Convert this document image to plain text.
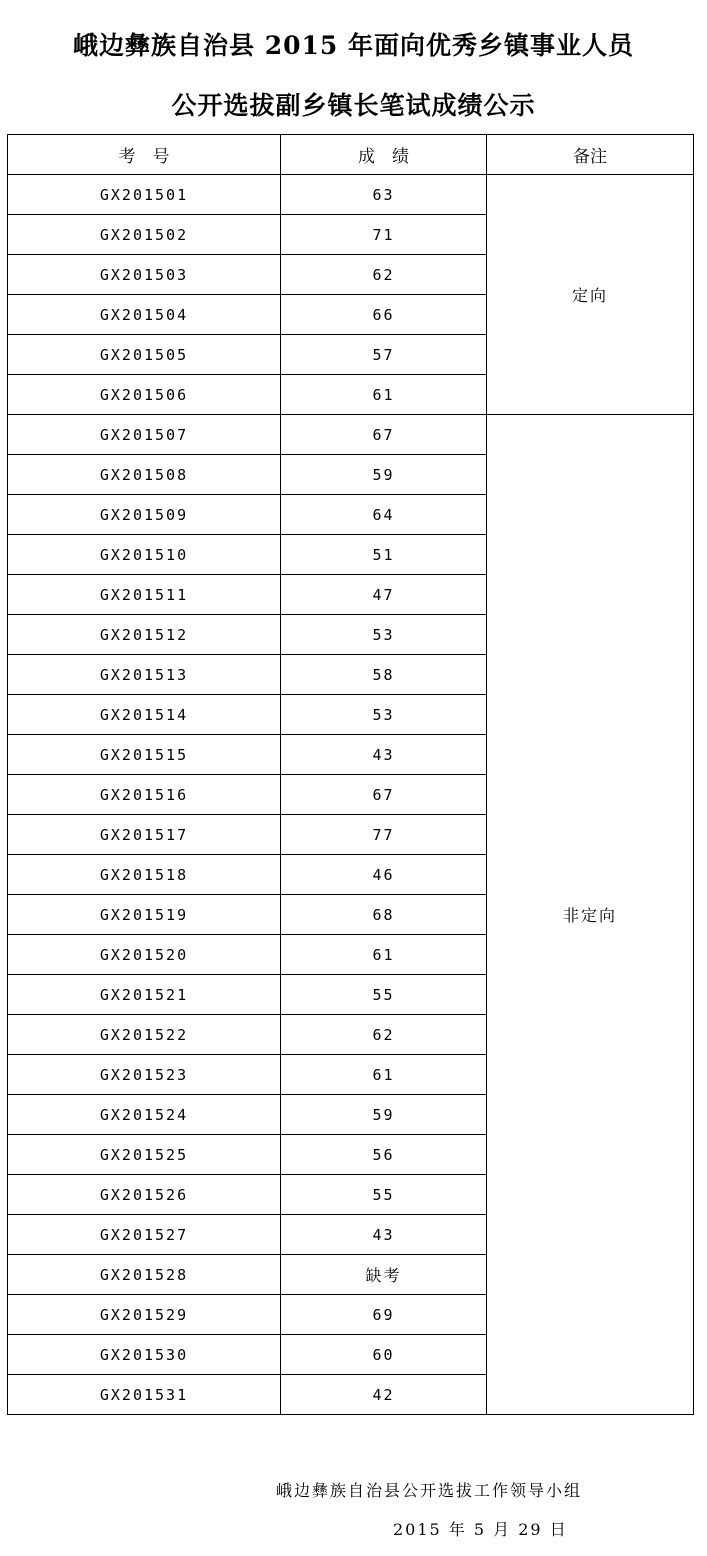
峨边彝族自治县 2015 年面向优秀乡镇事业人员
公开选拔副乡镇长笔试成绩公示
考　号	成　绩	备注
GX201501	63	定向
GX201502	71	
GX201503	62	
GX201504	66	
GX201505	57	
GX201506	61	
GX201507	67	非定向
GX201508	59	
GX201509	64	
GX201510	51	
GX201511	47	
GX201512	53	
GX201513	58	
GX201514	53	
GX201515	43	
GX201516	67	
GX201517	77	
GX201518	46	
GX201519	68	
GX201520	61	
GX201521	55	
GX201522	62	
GX201523	61	
GX201524	59	
GX201525	56	
GX201526	55	
GX201527	43	
GX201528	缺考	
GX201529	69	
GX201530	60	
GX201531	42	
峨边彝族自治县公开选拔工作领导小组
2015 年 5 月 29 日
